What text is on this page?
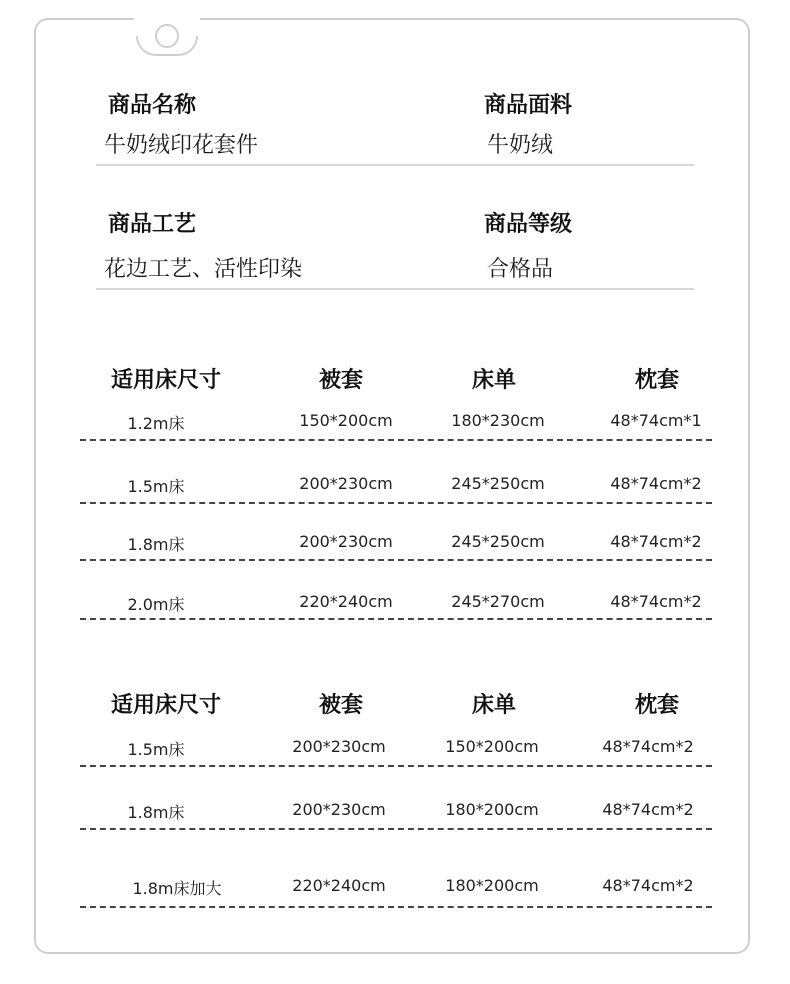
商品名称
牛奶绒印花套件
商品面料
牛奶绒
商品工艺
花边工艺、活性印染
商品等级
合格品
适用床尺寸	被套	床单	枕套
1.2m床	150*200cm	180*230cm	48*74cm*1
1.5m床	200*230cm	245*250cm	48*74cm*2
1.8m床	200*230cm	245*250cm	48*74cm*2
2.0m床	220*240cm	245*270cm	48*74cm*2
适用床尺寸	被套	床单	枕套
1.5m床	200*230cm	150*200cm	48*74cm*2
1.8m床	200*230cm	180*200cm	48*74cm*2
1.8m床加大	220*240cm	180*200cm	48*74cm*2
